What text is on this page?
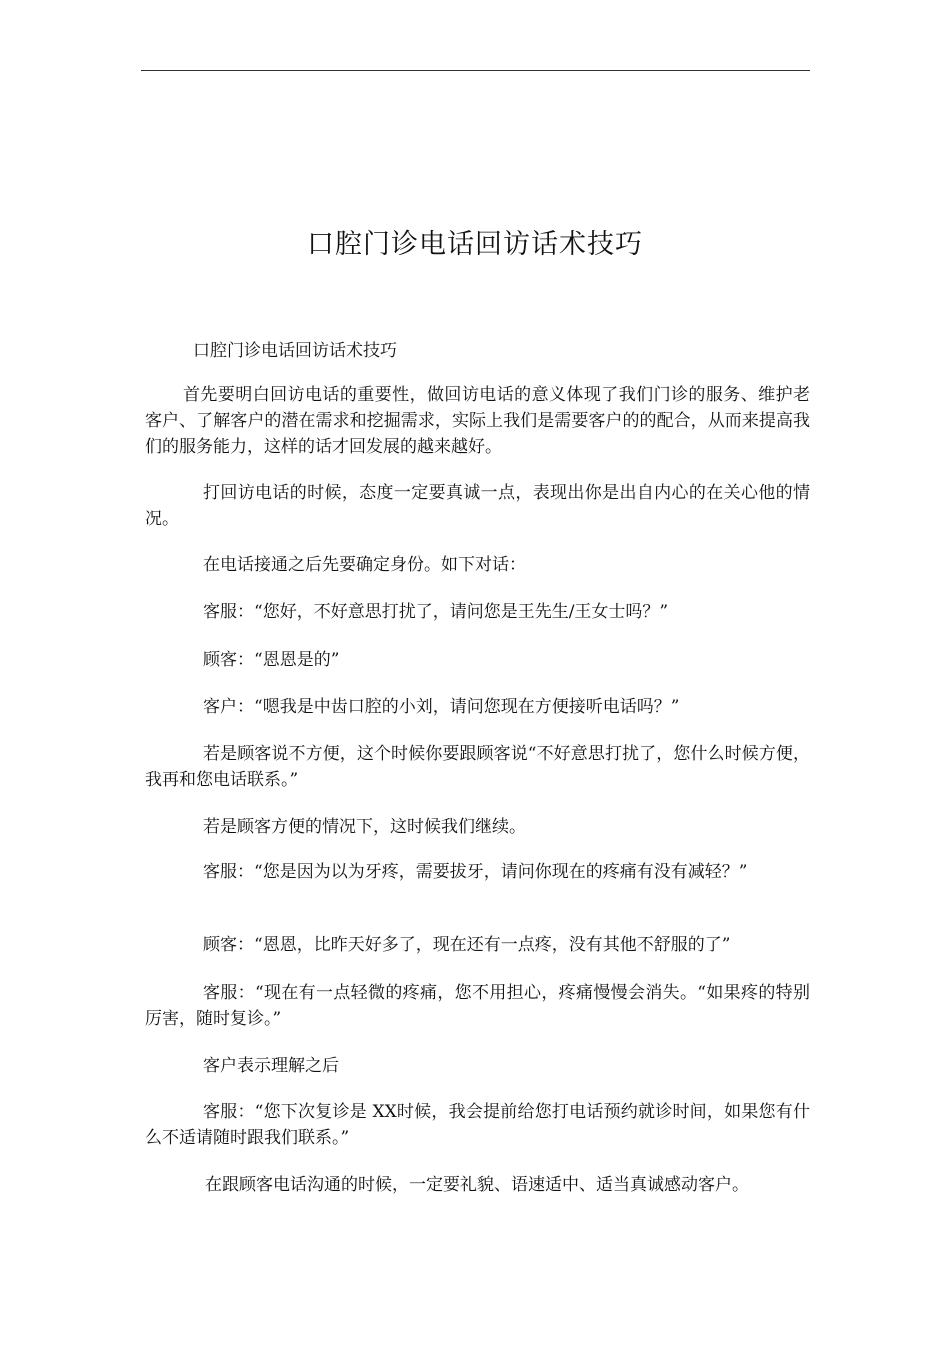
口腔门诊电话回访话术技巧

口腔门诊电话回访话术技巧

首先要明白回访电话的重要性，做回访电话的意义体现了我们门诊的服务、维护老客户、了解客户的潜在需求和挖掘需求，实际上我们是需要客户的的配合，从而来提高我们的服务能力，这样的话才回发展的越来越好。

打回访电话的时候，态度一定要真诚一点，表现出你是出自内心的在关心他的情况。

在电话接通之后先要确定身份。如下对话：

客服：“您好，不好意思打扰了，请问您是王先生/王女士吗？”

顾客：“恩恩是的”

客户：“嗯我是中齿口腔的小刘，请问您现在方便接听电话吗？”

若是顾客说不方便，这个时候你要跟顾客说“不好意思打扰了，您什么时候方便，我再和您电话联系。”

若是顾客方便的情况下，这时候我们继续。

客服：“您是因为以为牙疼，需要拔牙，请问你现在的疼痛有没有减轻？”

顾客：“恩恩，比昨天好多了，现在还有一点疼，没有其他不舒服的了”

客服：“现在有一点轻微的疼痛，您不用担心，疼痛慢慢会消失。“如果疼的特别厉害，随时复诊。”

客户表示理解之后

客服：“您下次复诊是 XX时候，我会提前给您打电话预约就诊时间，如果您有什么不适请随时跟我们联系。”

在跟顾客电话沟通的时候，一定要礼貌、语速适中、适当真诚感动客户。
